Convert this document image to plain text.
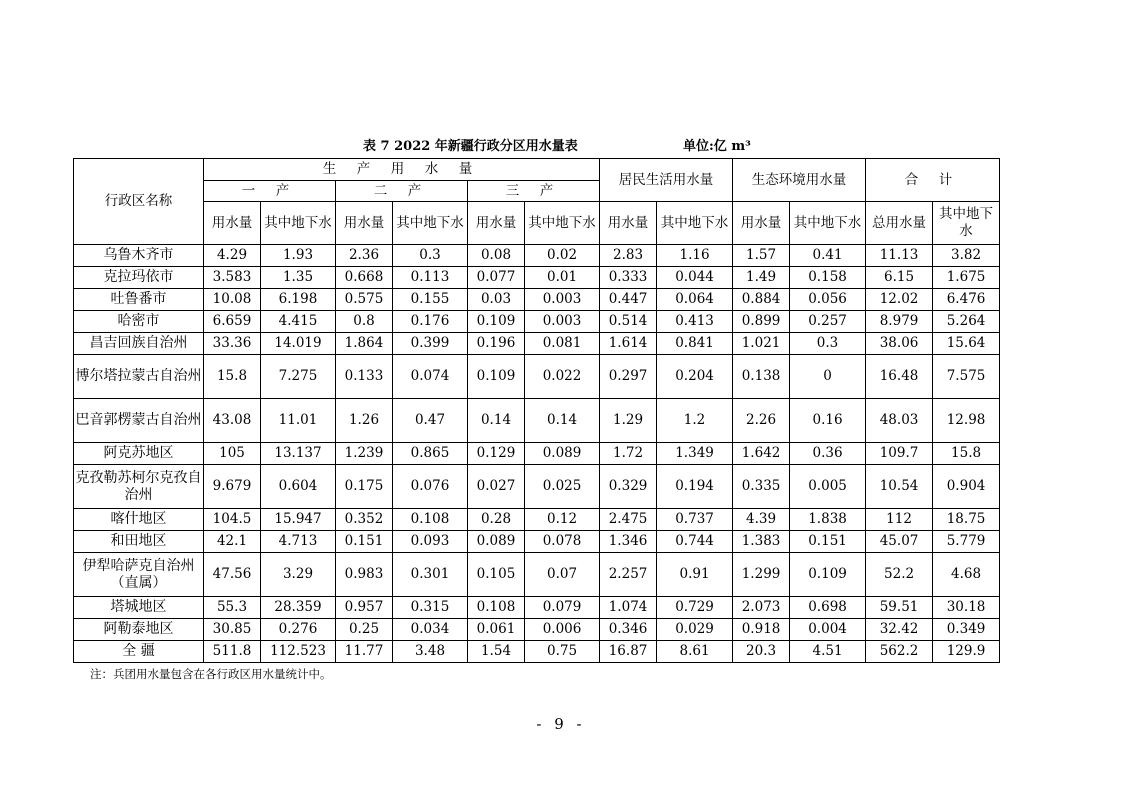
表 7 2022 年新疆行政分区用水量表	单位:亿 m³
行政区名称	生 产 用 水 量						居民生活用水量		生态环境用水量		合 计	
	一 产		二 产		三 产							
	用水量	其中地下水	用水量	其中地下水	用水量	其中地下水	用水量	其中地下水	用水量	其中地下水	总用水量	其中地下水
乌鲁木齐市	4.29	1.93	2.36	0.3	0.08	0.02	2.83	1.16	1.57	0.41	11.13	3.82
克拉玛依市	3.583	1.35	0.668	0.113	0.077	0.01	0.333	0.044	1.49	0.158	6.15	1.675
吐鲁番市	10.08	6.198	0.575	0.155	0.03	0.003	0.447	0.064	0.884	0.056	12.02	6.476
哈密市	6.659	4.415	0.8	0.176	0.109	0.003	0.514	0.413	0.899	0.257	8.979	5.264
昌吉回族自治州	33.36	14.019	1.864	0.399	0.196	0.081	1.614	0.841	1.021	0.3	38.06	15.64
博尔塔拉蒙古自治州	15.8	7.275	0.133	0.074	0.109	0.022	0.297	0.204	0.138	0	16.48	7.575
巴音郭楞蒙古自治州	43.08	11.01	1.26	0.47	0.14	0.14	1.29	1.2	2.26	0.16	48.03	12.98
阿克苏地区	105	13.137	1.239	0.865	0.129	0.089	1.72	1.349	1.642	0.36	109.7	15.8
克孜勒苏柯尔克孜自治州	9.679	0.604	0.175	0.076	0.027	0.025	0.329	0.194	0.335	0.005	10.54	0.904
喀什地区	104.5	15.947	0.352	0.108	0.28	0.12	2.475	0.737	4.39	1.838	112	18.75
和田地区	42.1	4.713	0.151	0.093	0.089	0.078	1.346	0.744	1.383	0.151	45.07	5.779
伊犁哈萨克自治州（直属）	47.56	3.29	0.983	0.301	0.105	0.07	2.257	0.91	1.299	0.109	52.2	4.68
塔城地区	55.3	28.359	0.957	0.315	0.108	0.079	1.074	0.729	2.073	0.698	59.51	30.18
阿勒泰地区	30.85	0.276	0.25	0.034	0.061	0.006	0.346	0.029	0.918	0.004	32.42	0.349
全 疆	511.8	112.523	11.77	3.48	1.54	0.75	16.87	8.61	20.3	4.51	562.2	129.9
注：兵团用水量包含在各行政区用水量统计中。
- 9 -
